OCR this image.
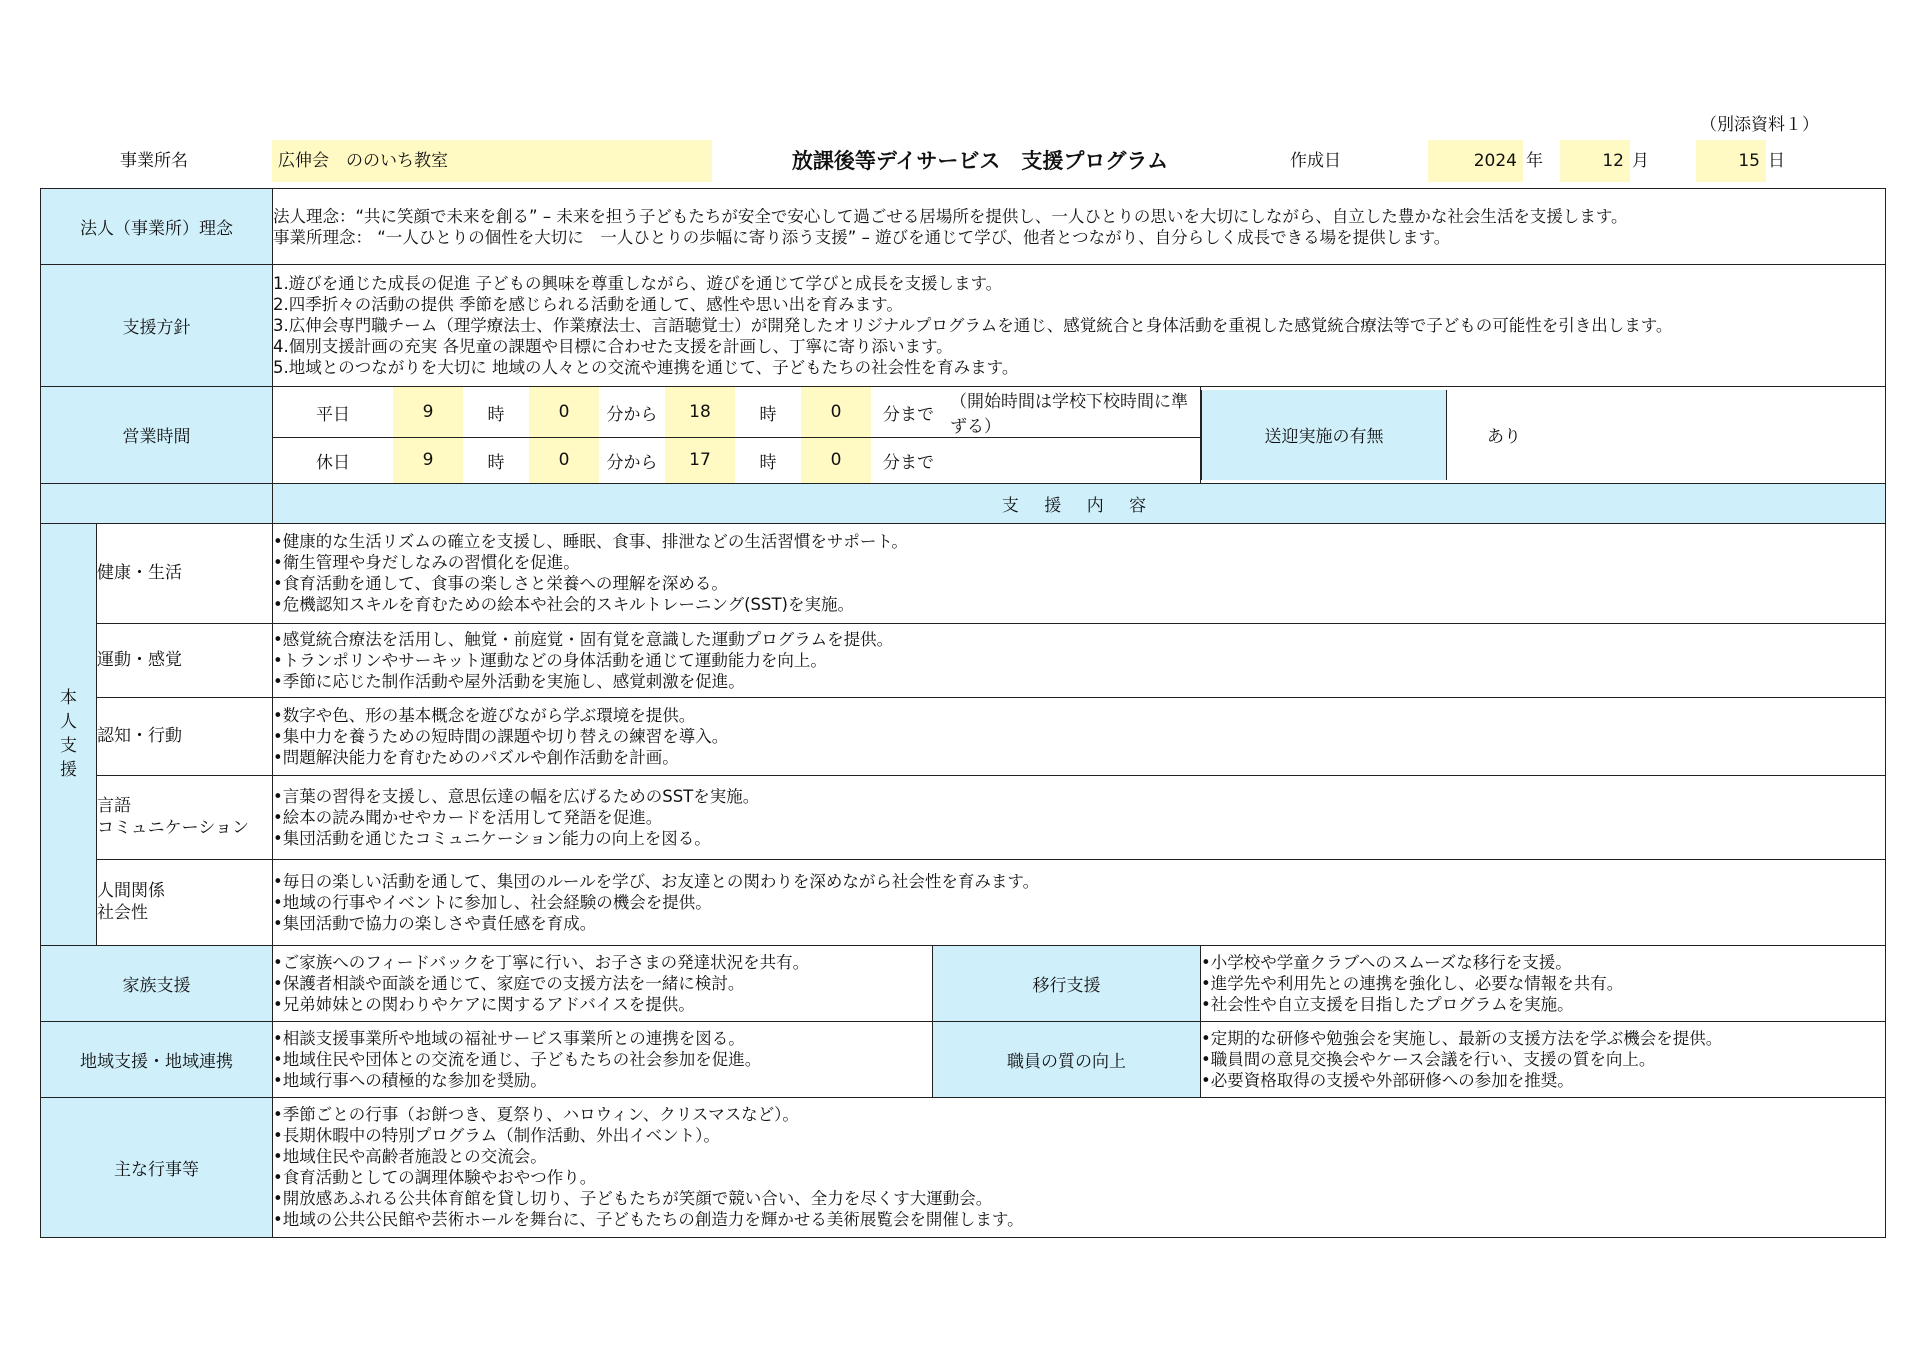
（別添資料１）
事業所名	広伸会　ののいち教室	放課後等デイサービス　支援プログラム	作成日	2024 年	12 月	15 日
法人（事業所）理念	
法人理念：“共に笑顔で未来を創る” – 未来を担う子どもたちが安全で安心して過ごせる居場所を提供し、一人ひとりの思いを大切にしながら、自立した豊かな社会生活を支援します。
事業所理念： “一人ひとりの個性を大切に　一人ひとりの歩幅に寄り添う支援” – 遊びを通じて学び、他者とつながり、自分らしく成長できる場を提供します。

支援方針	
1.遊びを通じた成長の促進 子どもの興味を尊重しながら、遊びを通じて学びと成長を支援します。
2.四季折々の活動の提供 季節を感じられる活動を通して、感性や思い出を育みます。
3.広伸会専門職チーム（理学療法士、作業療法士、言語聴覚士）が開発したオリジナルプログラムを通じ、感覚統合と身体活動を重視した感覚統合療法等で子どもの可能性を引き出します。
4.個別支援計画の充実 各児童の課題や目標に合わせた支援を計画し、丁寧に寄り添います。
5.地域とのつながりを大切に 地域の人々との交流や連携を通じて、子どもたちの社会性を育みます。

営業時間	
平日	9	時	0	分から	18	時	0	分まで	（開始時間は学校下校時間に準ずる）
休日	9	時	0	分から	17	時	0	分まで	

送迎実施の有無	あり

	支 援 内 容

本人支援
	健康・生活	
•健康的な生活リズムの確立を支援し、睡眠、食事、排泄などの生活習慣をサポート。
•衛生管理や身だしなみの習慣化を促進。
•食育活動を通して、食事の楽しさと栄養への理解を深める。
•危機認知スキルを育むための絵本や社会的スキルトレーニング(SST)を実施。

運動・感覚	
•感覚統合療法を活用し、触覚・前庭覚・固有覚を意識した運動プログラムを提供。
•トランポリンやサーキット運動などの身体活動を通じて運動能力を向上。
•季節に応じた制作活動や屋外活動を実施し、感覚刺激を促進。

認知・行動	
•数字や色、形の基本概念を遊びながら学ぶ環境を提供。
•集中力を養うための短時間の課題や切り替えの練習を導入。
•問題解決能力を育むためのパズルや創作活動を計画。

言語
コミュニケーション

•言葉の習得を支援し、意思伝達の幅を広げるためのSSTを実施。
•絵本の読み聞かせやカードを活用して発語を促進。
•集団活動を通じたコミュニケーション能力の向上を図る。

人間関係
社会性

•毎日の楽しい活動を通して、集団のルールを学び、お友達との関わりを深めながら社会性を育みます。
•地域の行事やイベントに参加し、社会経験の機会を提供。
•集団活動で協力の楽しさや責任感を育成。

家族支援	
•ご家族へのフィードバックを丁寧に行い、お子さまの発達状況を共有。
•保護者相談や面談を通じて、家庭での支援方法を一緒に検討。
•兄弟姉妹との関わりやケアに関するアドバイスを提供。
	移行支援	
•小学校や学童クラブへのスムーズな移行を支援。
•進学先や利用先との連携を強化し、必要な情報を共有。
•社会性や自立支援を目指したプログラムを実施。

地域支援・地域連携	
•相談支援事業所や地域の福祉サービス事業所との連携を図る。
•地域住民や団体との交流を通じ、子どもたちの社会参加を促進。
•地域行事への積極的な参加を奨励。
	職員の質の向上	
•定期的な研修や勉強会を実施し、最新の支援方法を学ぶ機会を提供。
•職員間の意見交換会やケース会議を行い、支援の質を向上。
•必要資格取得の支援や外部研修への参加を推奨。

主な行事等	
•季節ごとの行事（お餅つき、夏祭り、ハロウィン、クリスマスなど）。
•長期休暇中の特別プログラム（制作活動、外出イベント）。
•地域住民や高齢者施設との交流会。
•食育活動としての調理体験やおやつ作り。
•開放感あふれる公共体育館を貸し切り、子どもたちが笑顔で競い合い、全力を尽くす大運動会。
•地域の公共公民館や芸術ホールを舞台に、子どもたちの創造力を輝かせる美術展覧会を開催します。
